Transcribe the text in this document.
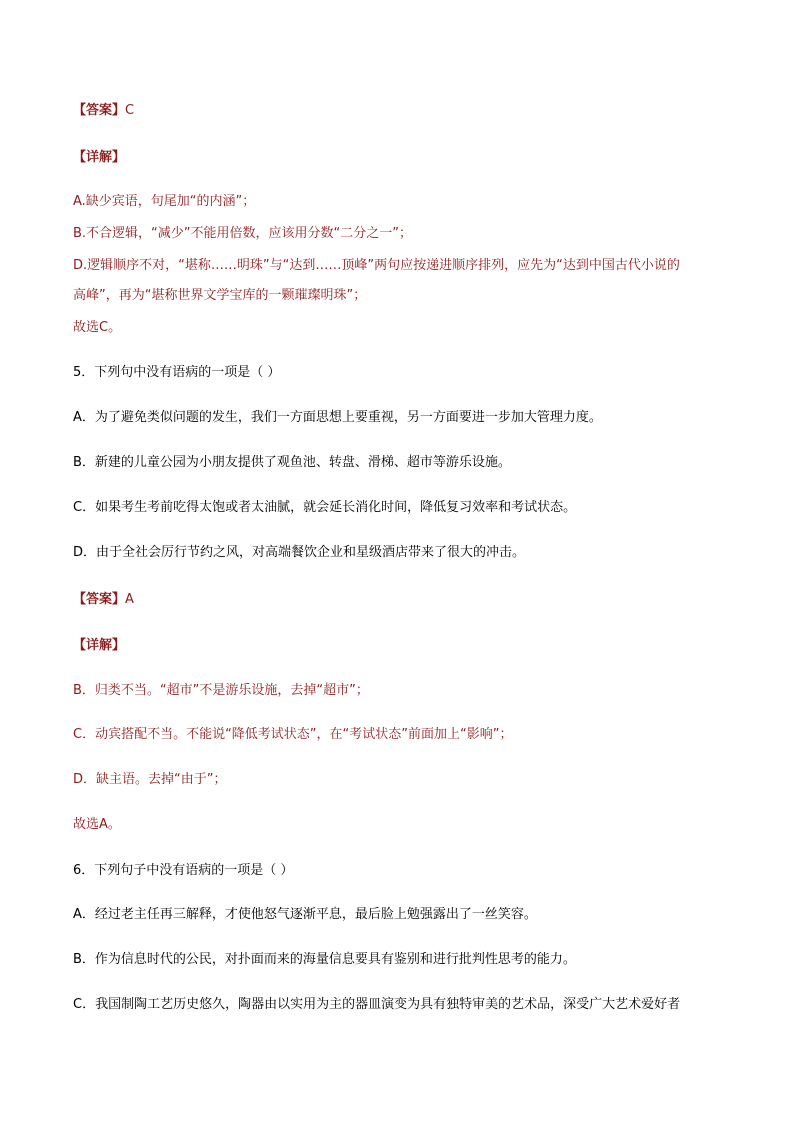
【答案】C
【详解】
A.缺少宾语，句尾加“的内涵”；
B.不合逻辑，“减少”不能用倍数，应该用分数“二分之一”；
D.逻辑顺序不对，“堪称……明珠”与“达到……顶峰”两句应按递进顺序排列，应先为“达到中国古代小说的
高峰”，再为“堪称世界文学宝库的一颗璀璨明珠”；
故选C。
5．下列句中没有语病的一项是（ ）
A．为了避免类似问题的发生，我们一方面思想上要重视，另一方面要进一步加大管理力度。
B．新建的儿童公园为小朋友提供了观鱼池、转盘、滑梯、超市等游乐设施。
C．如果考生考前吃得太饱或者太油腻，就会延长消化时间，降低复习效率和考试状态。
D．由于全社会厉行节约之风，对高端餐饮企业和星级酒店带来了很大的冲击。
【答案】A
【详解】
B．归类不当。“超市”不是游乐设施，去掉“超市”；
C．动宾搭配不当。不能说“降低考试状态”，在“考试状态”前面加上“影响”；
D．缺主语。去掉“由于”；
故选A。
6．下列句子中没有语病的一项是（ ）
A．经过老主任再三解释，才使他怒气逐渐平息，最后脸上勉强露出了一丝笑容。
B．作为信息时代的公民，对扑面而来的海量信息要具有鉴别和进行批判性思考的能力。
C．我国制陶工艺历史悠久，陶器由以实用为主的器皿演变为具有独特审美的艺术品，深受广大艺术爱好者
